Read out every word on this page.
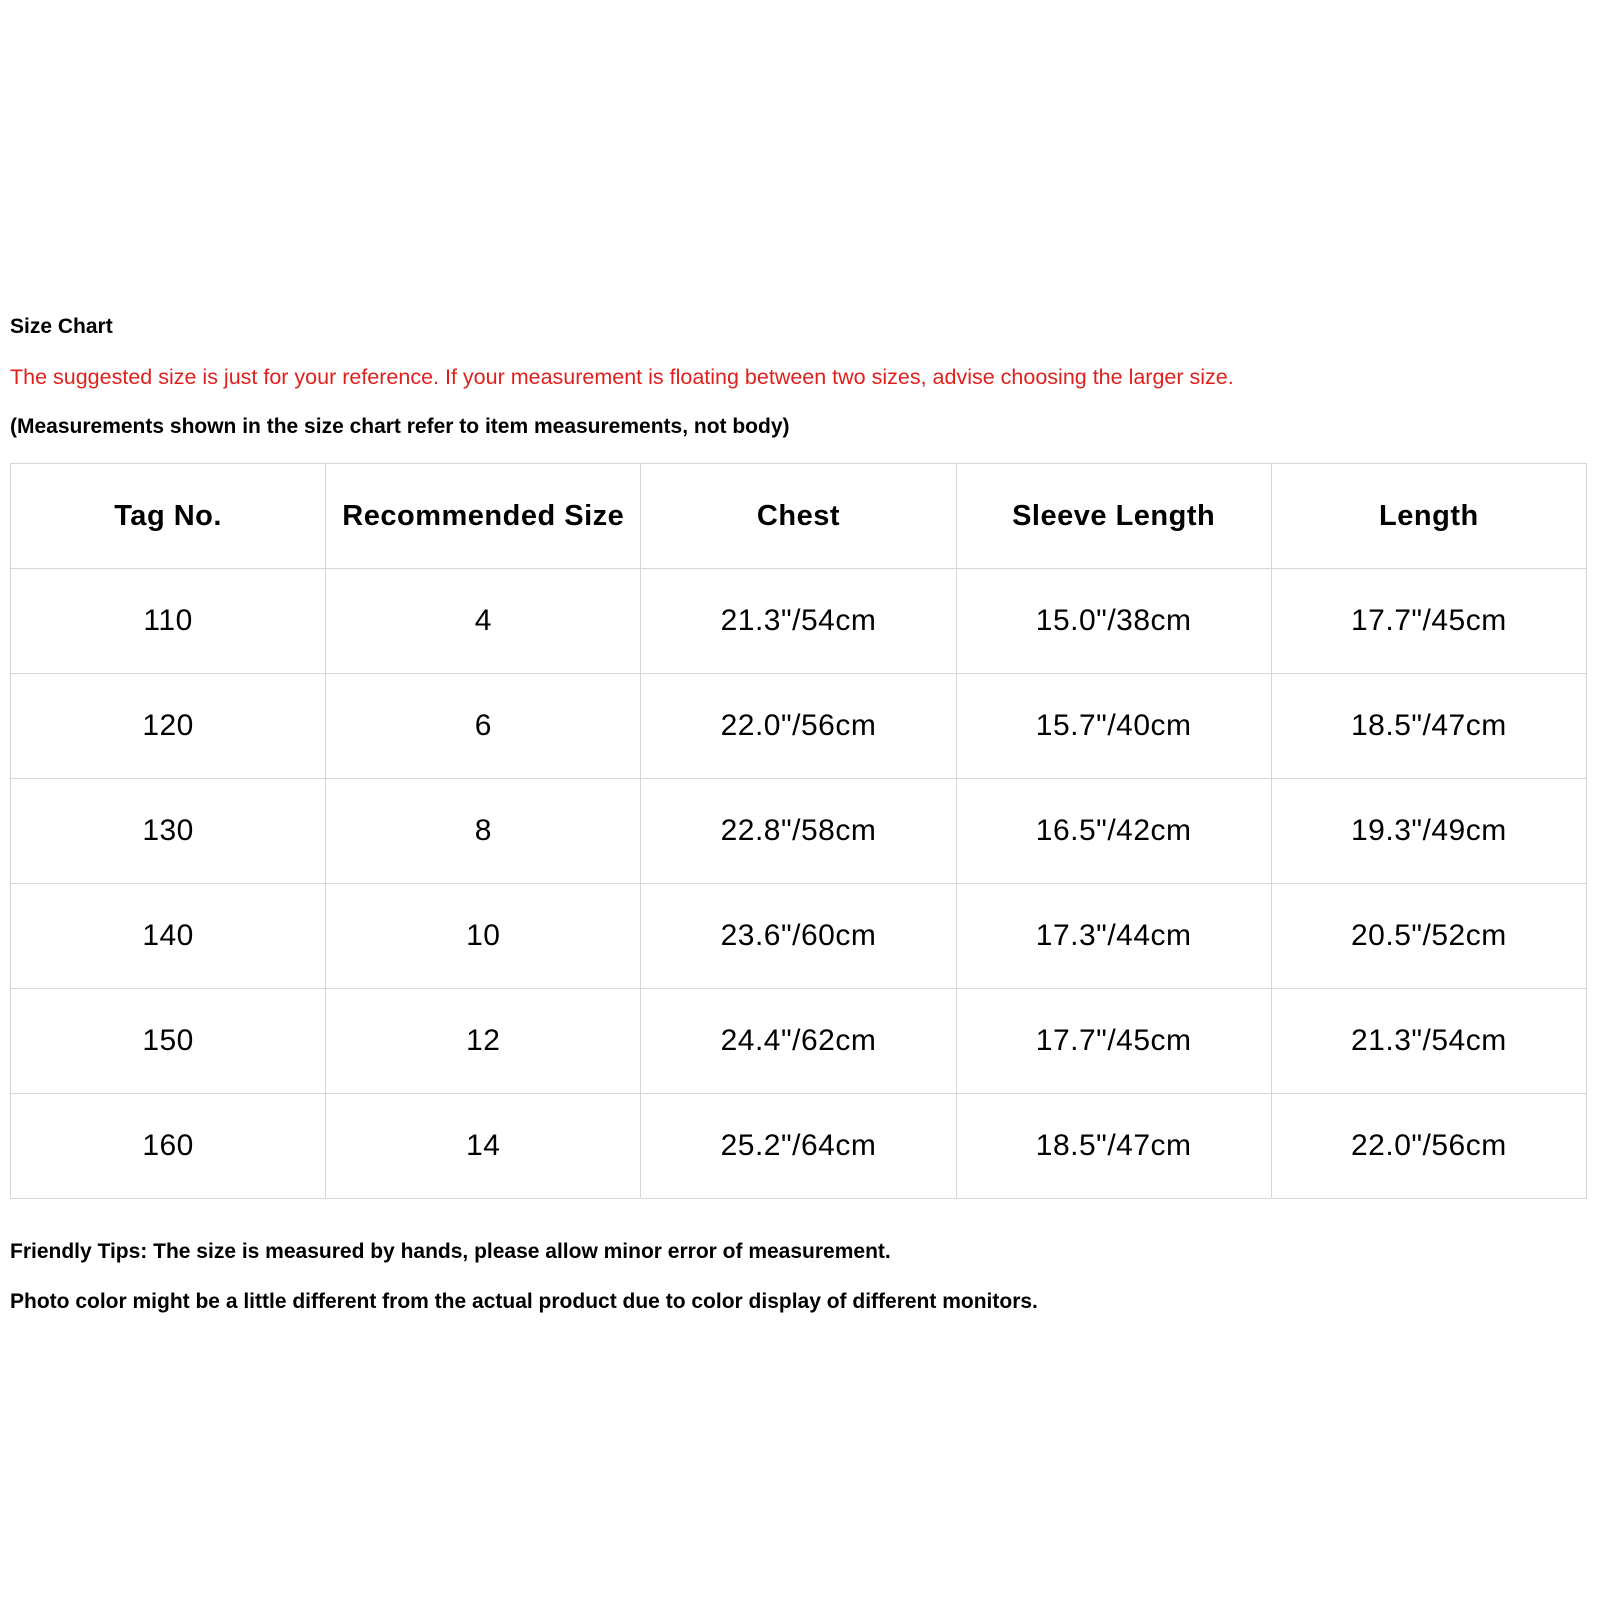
Size Chart
The suggested size is just for your reference. If your measurement is floating between two sizes, advise choosing the larger size.
(Measurements shown in the size chart refer to item measurements, not body)
Tag No.	Recommended Size	Chest	Sleeve Length	Length
110	4	21.3"/54cm	15.0"/38cm	17.7"/45cm
120	6	22.0"/56cm	15.7"/40cm	18.5"/47cm
130	8	22.8"/58cm	16.5"/42cm	19.3"/49cm
140	10	23.6"/60cm	17.3"/44cm	20.5"/52cm
150	12	24.4"/62cm	17.7"/45cm	21.3"/54cm
160	14	25.2"/64cm	18.5"/47cm	22.0"/56cm
Friendly Tips: The size is measured by hands, please allow minor error of measurement.
Photo color might be a little different from the actual product due to color display of different monitors.
